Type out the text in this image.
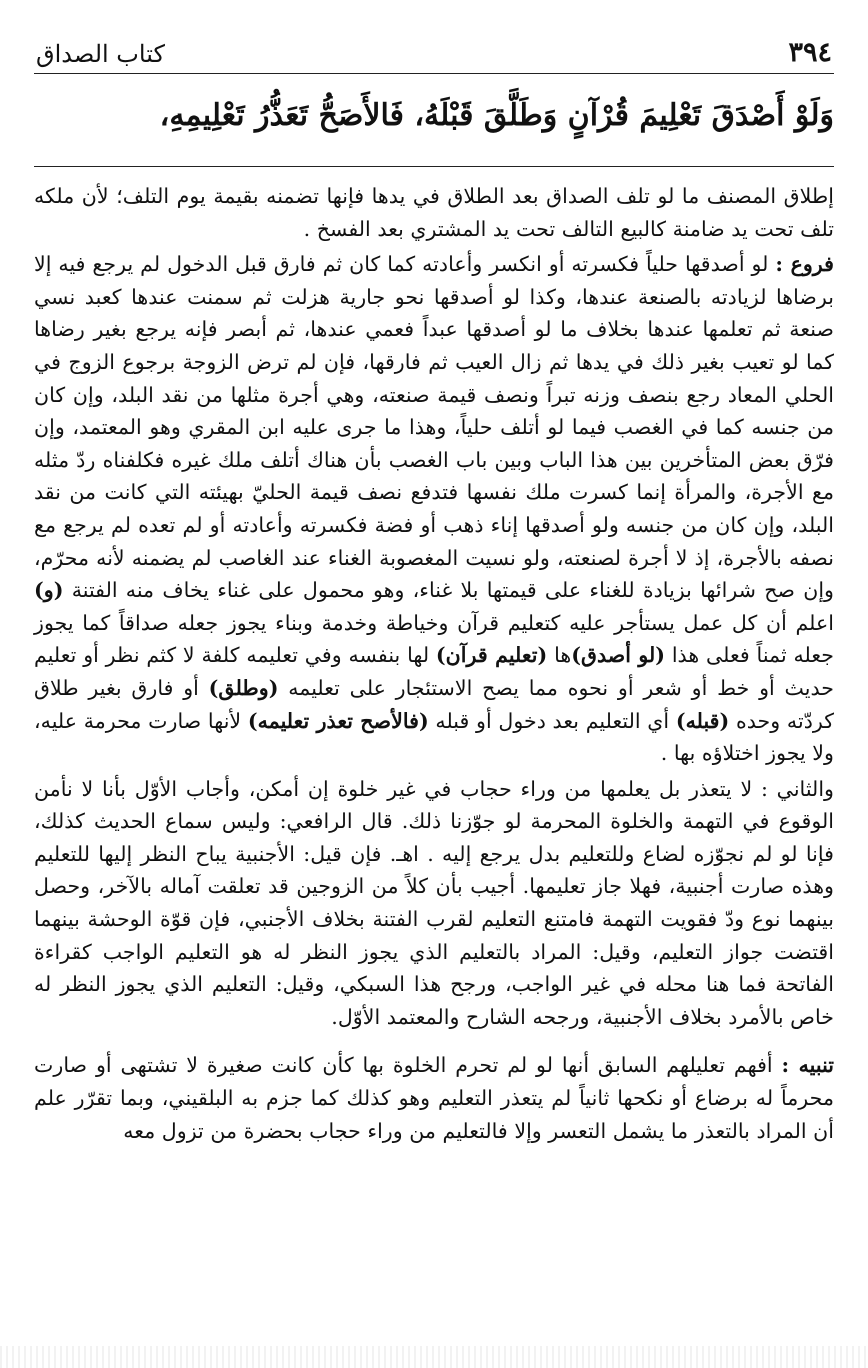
٣٩٤
كتاب الصداق
وَلَوْ أَصْدَقَ تَعْلِيمَ قُرْآنٍ وَطَلَّقَ قَبْلَهُ، فَالأَصَحُّ تَعَذُّرُ تَعْلِيمِهِ،

إطلاق المصنف ما لو تلف الصداق بعد الطلاق في يدها فإنها تضمنه بقيمة يوم التلف؛ لأن ملكه تلف تحت يد ضامنة كالبيع التالف تحت يد المشتري بعد الفسخ .

فروع : لو أصدقها حلياً فكسرته أو انكسر وأعادته كما كان ثم فارق قبل الدخول لم يرجع فيه إلا برضاها لزيادته بالصنعة عندها، وكذا لو أصدقها نحو جارية هزلت ثم سمنت عندها كعبد نسي صنعة ثم تعلمها عندها بخلاف ما لو أصدقها عبداً فعمي عندها، ثم أبصر فإنه يرجع بغير رضاها كما لو تعيب بغير ذلك في يدها ثم زال العيب ثم فارقها، فإن لم ترض الزوجة برجوع الزوج في الحلي المعاد رجع بنصف وزنه تبراً ونصف قيمة صنعته، وهي أجرة مثلها من نقد البلد، وإن كان من جنسه كما في الغصب فيما لو أتلف حلياً، وهذا ما جرى عليه ابن المقري وهو المعتمد، وإن فرّق بعض المتأخرين بين هذا الباب وبين باب الغصب بأن هناك أتلف ملك غيره فكلفناه ردّ مثله مع الأجرة، والمرأة إنما كسرت ملك نفسها فتدفع نصف قيمة الحليّ بهيئته التي كانت من نقد البلد، وإن كان من جنسه ولو أصدقها إناء ذهب أو فضة فكسرته وأعادته أو لم تعده لم يرجع مع نصفه بالأجرة، إذ لا أجرة لصنعته، ولو نسيت المغصوبة الغناء عند الغاصب لم يضمنه لأنه محرّم، وإن صح شرائها بزيادة للغناء على قيمتها بلا غناء، وهو محمول على غناء يخاف منه الفتنة (و) اعلم أن كل عمل يستأجر عليه كتعليم قرآن وخياطة وخدمة وبناء يجوز جعله صداقاً كما يجوز جعله ثمناً فعلى هذا (لو أصدق)ها (تعليم قرآن) لها بنفسه وفي تعليمه كلفة لا كثم نظر أو تعليم حديث أو خط أو شعر أو نحوه مما يصح الاستئجار على تعليمه (وطلق) أو فارق بغير طلاق كردّته وحده (قبله) أي التعليم بعد دخول أو قبله (فالأصح تعذر تعليمه) لأنها صارت محرمة عليه، ولا يجوز اختلاؤه بها .

والثاني : لا يتعذر بل يعلمها من وراء حجاب في غير خلوة إن أمكن، وأجاب الأوّل بأنا لا نأمن الوقوع في التهمة والخلوة المحرمة لو جوّزنا ذلك. قال الرافعي: وليس سماع الحديث كذلك، فإنا لو لم نجوّزه لضاع وللتعليم بدل يرجع إليه . اهـ. فإن قيل: الأجنبية يباح النظر إليها للتعليم وهذه صارت أجنبية، فهلا جاز تعليمها. أجيب بأن كلاً من الزوجين قد تعلقت آماله بالآخر، وحصل بينهما نوع ودّ فقويت التهمة فامتنع التعليم لقرب الفتنة بخلاف الأجنبي، فإن قوّة الوحشة بينهما اقتضت جواز التعليم، وقيل: المراد بالتعليم الذي يجوز النظر له هو التعليم الواجب كقراءة الفاتحة فما هنا محله في غير الواجب، ورجح هذا السبكي، وقيل: التعليم الذي يجوز النظر له خاص بالأمرد بخلاف الأجنبية، ورجحه الشارح والمعتمد الأوّل.

تنبيه : أفهم تعليلهم السابق أنها لو لم تحرم الخلوة بها كأن كانت صغيرة لا تشتهى أو صارت محرماً له برضاع أو نكحها ثانياً لم يتعذر التعليم وهو كذلك كما جزم به البلقيني، وبما تقرّر علم أن المراد بالتعذر ما يشمل التعسر وإلا فالتعليم من وراء حجاب بحضرة من تزول معه
